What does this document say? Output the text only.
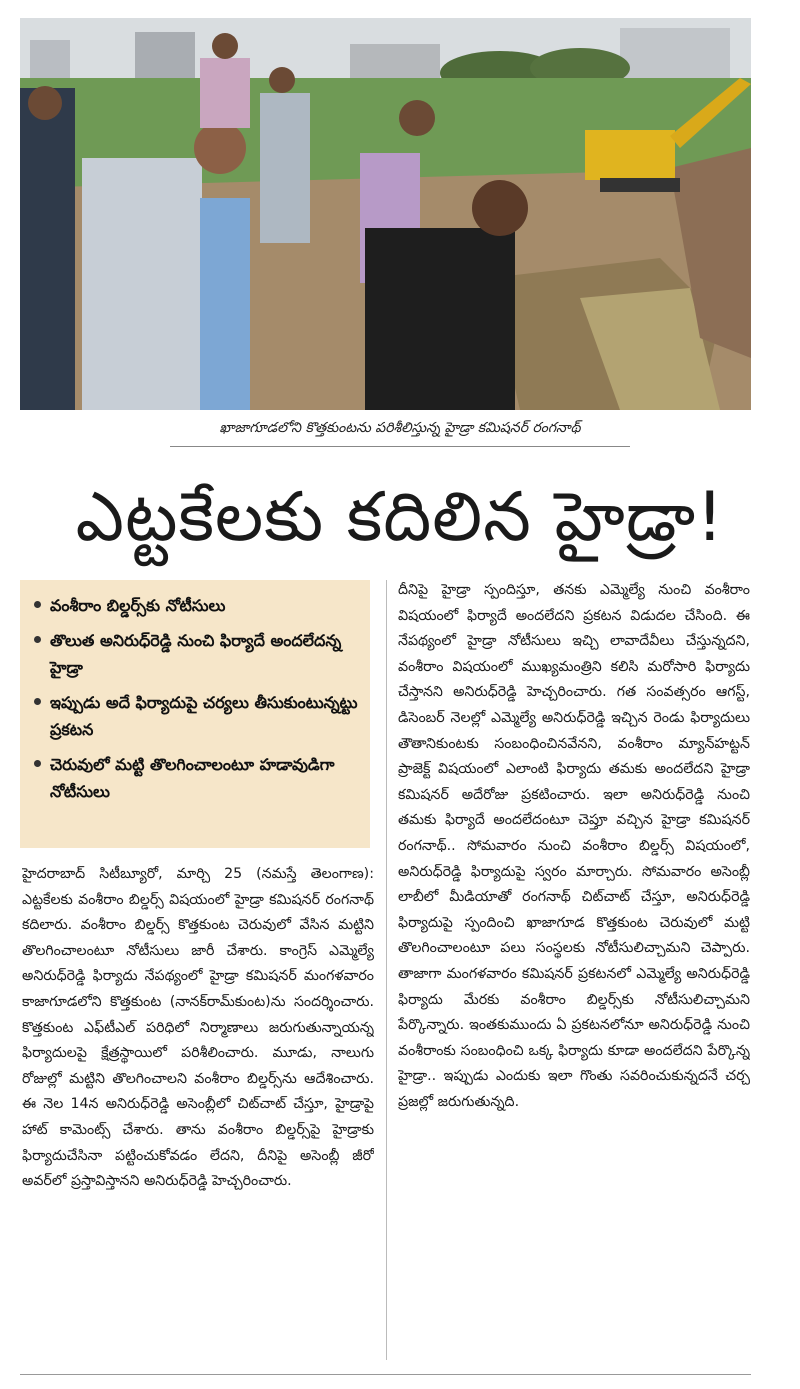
ఖాజాగూడలోని కొత్తకుంటను పరిశీలిస్తున్న హైడ్రా కమిషనర్ రంగనాథ్
ఎట్టకేలకు కదిలిన హైడ్రా!
వంశీరాం బిల్డర్స్‌కు నోటీసులు
తొలుత అనిరుధ్‌రెడ్డి నుంచి ఫిర్యాదే అందలేదన్న హైడ్రా
ఇప్పుడు అదే ఫిర్యాదుపై చర్యలు తీసుకుంటున్నట్టు ప్రకటన
చెరువులో మట్టి తొలగించాలంటూ హడావుడిగా నోటీసులు
హైదరాబాద్ సిటీబ్యూరో, మార్చి 25 (నమస్తే తెలంగాణ): ఎట్టకేలకు వంశీరాం బిల్డర్స్ విషయంలో హైడ్రా కమిషనర్ రంగనాథ్ కదిలారు. వంశీరాం బిల్డర్స్ కొత్తకుంట చెరువులో వేసిన మట్టిని తొలగించాలంటూ నోటీసులు జారీ చేశారు. కాంగ్రెస్ ఎమ్మెల్యే అనిరుధ్‌రెడ్డి ఫిర్యాదు నేపథ్యంలో హైడ్రా కమిషనర్ మంగళవారం కాజాగూడలోని కొత్తకుంట (నానక్‌రామ్‌కుంట)ను సందర్శించారు. కొత్తకుంట ఎఫ్‌టీఎల్ పరిధిలో నిర్మాణాలు జరుగుతున్నాయన్న ఫిర్యాదులపై క్షేత్రస్థాయిలో పరిశీలించారు. మూడు, నాలుగు రోజుల్లో మట్టిని తొలగించాలని వంశీరాం బిల్డర్స్‌ను ఆదేశించారు. ఈ నెల 14న అనిరుధ్‌రెడ్డి అసెంబ్లీలో చిట్‌చాట్ చేస్తూ, హైడ్రాపై హాట్ కామెంట్స్ చేశారు. తాను వంశీరాం బిల్డర్స్‌పై హైడ్రాకు ఫిర్యాదుచేసినా పట్టించుకోవడం లేదని, దీనిపై అసెంబ్లీ జీరో అవర్‌లో ప్రస్తావిస్తానని అనిరుధ్‌రెడ్డి హెచ్చరించారు.
దీనిపై హైడ్రా స్పందిస్తూ, తనకు ఎమ్మెల్యే నుంచి వంశీరాం విషయంలో ఫిర్యాదే అందలేదని ప్రకటన విడుదల చేసింది. ఈ నేపథ్యంలో హైడ్రా నోటీసులు ఇచ్చి లావాదేవీలు చేస్తున్నదని, వంశీరాం విషయంలో ముఖ్యమంత్రిని కలిసి మరోసారి ఫిర్యాదు చేస్తానని అనిరుధ్‌రెడ్డి హెచ్చరించారు. గత సంవత్సరం ఆగస్ట్, డిసెంబర్ నెలల్లో ఎమ్మెల్యే అనిరుధ్‌రెడ్డి ఇచ్చిన రెండు ఫిర్యాదులు తౌతానికుంటకు సంబంధించినవేనని, వంశీరాం మ్యాన్‌హట్టన్ ప్రాజెక్ట్ విషయంలో ఎలాంటి ఫిర్యాదు తమకు అందలేదని హైడ్రా కమిషనర్ అదేరోజు ప్రకటించారు. ఇలా అనిరుధ్‌రెడ్డి నుంచి తమకు ఫిర్యాదే అందలేదంటూ చెప్తూ వచ్చిన హైడ్రా కమిషనర్ రంగనాథ్.. సోమవారం నుంచి వంశీరాం బిల్డర్స్ విషయంలో, అనిరుధ్‌రెడ్డి ఫిర్యాదుపై స్వరం మార్చారు. సోమవారం అసెంబ్లీ లాబీలో మీడియాతో రంగనాథ్ చిట్‌చాట్ చేస్తూ, అనిరుధ్‌రెడ్డి ఫిర్యాదుపై స్పందించి ఖాజాగూడ కొత్తకుంట చెరువులో మట్టి తొలగించాలంటూ పలు సంస్థలకు నోటీసులిచ్చామని చెప్పారు. తాజాగా మంగళవారం కమిషనర్ ప్రకటనలో ఎమ్మెల్యే అనిరుధ్‌రెడ్డి ఫిర్యాదు మేరకు వంశీరాం బిల్డర్స్‌కు నోటీసులిచ్చామని పేర్కొన్నారు. ఇంతకుముందు ఏ ప్రకటనలోనూ అనిరుధ్‌రెడ్డి నుంచి వంశీరాంకు సంబంధించి ఒక్క ఫిర్యాదు కూడా అందలేదని పేర్కొన్న హైడ్రా.. ఇప్పుడు ఎందుకు ఇలా గొంతు సవరించుకున్నదనే చర్చ ప్రజల్లో జరుగుతున్నది.
